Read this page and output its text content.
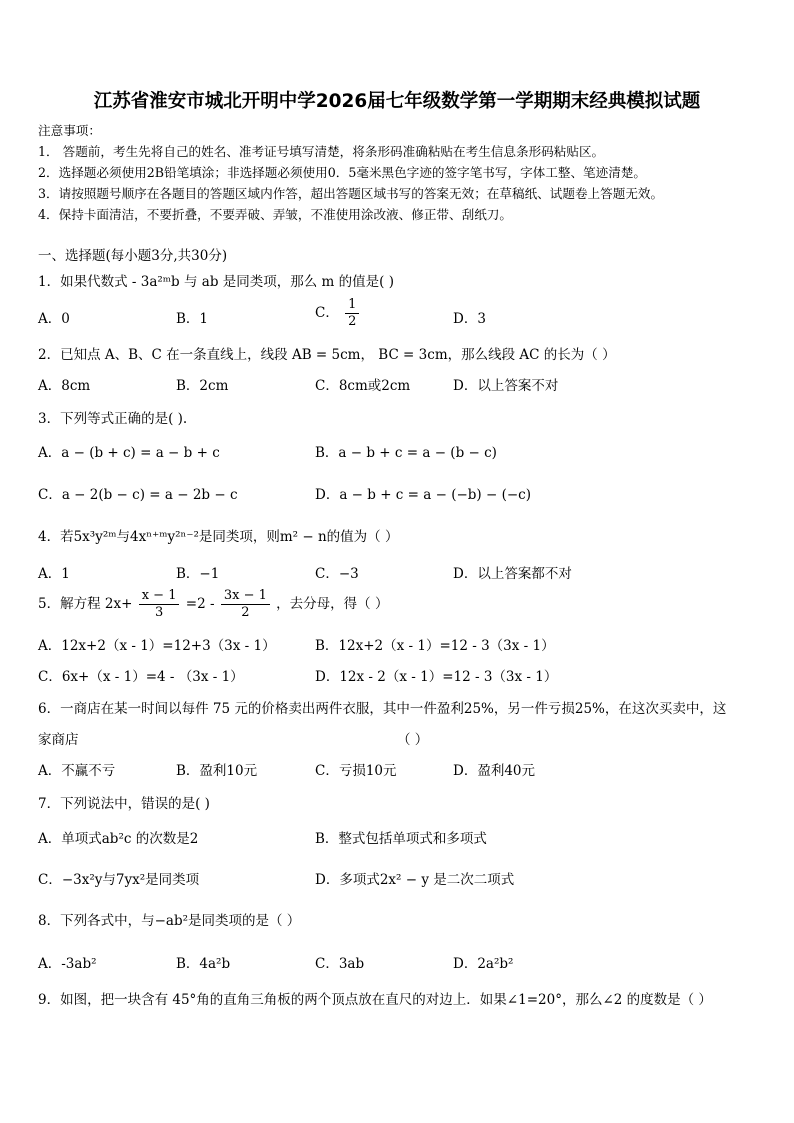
江苏省淮安市城北开明中学2026届七年级数学第一学期期末经典模拟试题
注意事项：
1． 答题前，考生先将自己的姓名、准考证号填写清楚，将条形码准确粘贴在考生信息条形码粘贴区。
2．选择题必须使用2B铅笔填涂；非选择题必须使用0．5毫米黑色字迹的签字笔书写，字体工整、笔迹清楚。
3．请按照题号顺序在各题目的答题区域内作答，超出答题区域书写的答案无效；在草稿纸、试题卷上答题无效。
4．保持卡面清洁，不要折叠，不要弄破、弄皱，不准使用涂改液、修正带、刮纸刀。
一、选择题(每小题3分,共30分)
1．如果代数式 - 3a²ᵐb 与 ab 是同类项，那么 m 的值是( )
A．0	B．1	C． $\frac{1}{2}$	D．3
2．已知点 A、B、C 在一条直线上，线段 AB = 5cm， BC = 3cm，那么线段 AC 的长为（ ）
A．8cm	B．2cm	C．8cm或2cm	D．以上答案不对
3．下列等式正确的是( ).
A．a − (b + c) = a − b + c	B．a − b + c = a − (b − c)
C．a − 2(b − c) = a − 2b − c	D．a − b + c = a − (−b) − (−c)
4．若5x³y²ᵐ与4xⁿ⁺ᵐy²ⁿ⁻²是同类项，则m² − n的值为（ ）
A．1	B．−1	C．−3	D．以上答案都不对
5．解方程 $2x+ \frac{x - 1}{3} =2 - \frac{3x - 1}{2}$ ，去分母，得（ ）
A．12x+2（x - 1）=12+3（3x - 1）	B．12x+2（x - 1）=12 - 3（3x - 1）
C．6x+（x - 1）=4 - （3x - 1）	D．12x - 2（x - 1）=12 - 3（3x - 1）
6．一商店在某一时间以每件 75 元的价格卖出两件衣服，其中一件盈利25%，另一件亏损25%，在这次买卖中，这
家商店	（ ）
A．不赢不亏	B．盈利10元	C．亏损10元	D．盈利40元
7．下列说法中，错误的是( )
A．单项式ab²c 的次数是2	B．整式包括单项式和多项式
C．−3x²y与7yx²是同类项	D．多项式2x² − y 是二次二项式
8．下列各式中，与−ab²是同类项的是（ ）
A．-3ab²	B．4a²b	C．3ab	D．2a²b²
9．如图，把一块含有 45°角的直角三角板的两个顶点放在直尺的对边上．如果∠1=20°，那么∠2 的度数是（ ）
